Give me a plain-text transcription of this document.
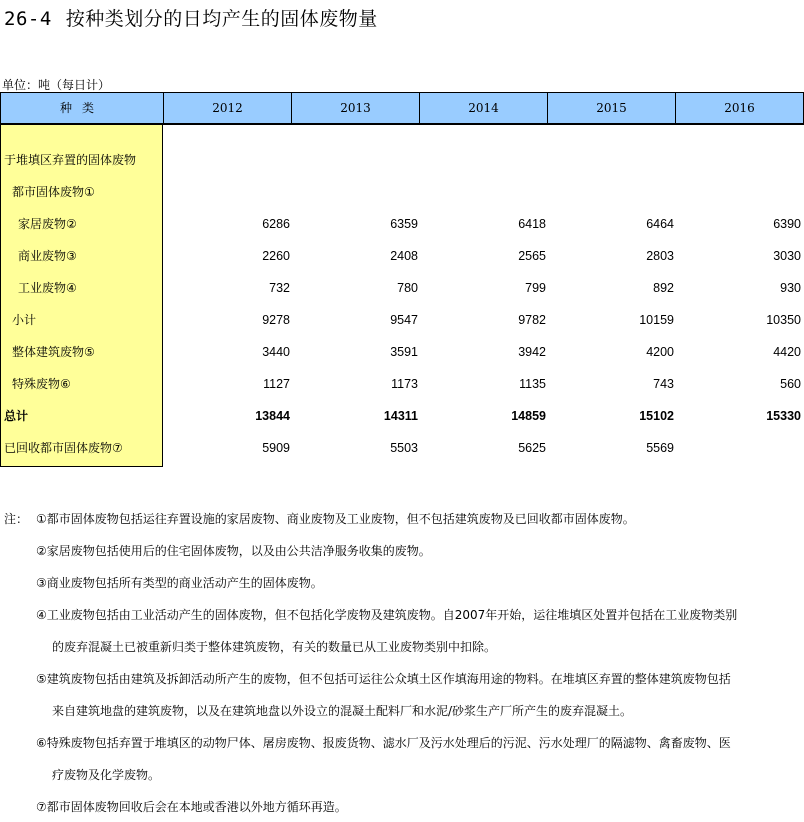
26-4 按种类划分的日均产生的固体废物量
单位：吨（每日计）
种类	2012	2013	2014	2015	2016
于堆填区弃置的固体废物
都市固体废物①
家居废物②	6286	6359	6418	6464	6390
商业废物③	2260	2408	2565	2803	3030
工业废物④	732	780	799	892	930
小计	9278	9547	9782	10159	10350
整体建筑废物⑤	3440	3591	3942	4200	4420
特殊废物⑥	1127	1173	1135	743	560
总计	13844	14311	14859	15102	15330
已回收都市固体废物⑦	5909	5503	5625	5569
注： ①都市固体废物包括运往弃置设施的家居废物、商业废物及工业废物，但不包括建筑废物及已回收都市固体废物。
②家居废物包括使用后的住宅固体废物，以及由公共洁净服务收集的废物。
③商业废物包括所有类型的商业活动产生的固体废物。
④工业废物包括由工业活动产生的固体废物，但不包括化学废物及建筑废物。自2007年开始，运往堆填区处置并包括在工业废物类别
的废弃混凝土已被重新归类于整体建筑废物，有关的数量已从工业废物类别中扣除。
⑤建筑废物包括由建筑及拆卸活动所产生的废物，但不包括可运往公众填土区作填海用途的物料。在堆填区弃置的整体建筑废物包括
来自建筑地盘的建筑废物，以及在建筑地盘以外设立的混凝土配料厂和水泥/砂浆生产厂所产生的废弃混凝土。
⑥特殊废物包括弃置于堆填区的动物尸体、屠房废物、报废货物、滤水厂及污水处理后的污泥、污水处理厂的隔滤物、禽畜废物、医
疗废物及化学废物。
⑦都市固体废物回收后会在本地或香港以外地方循环再造。
